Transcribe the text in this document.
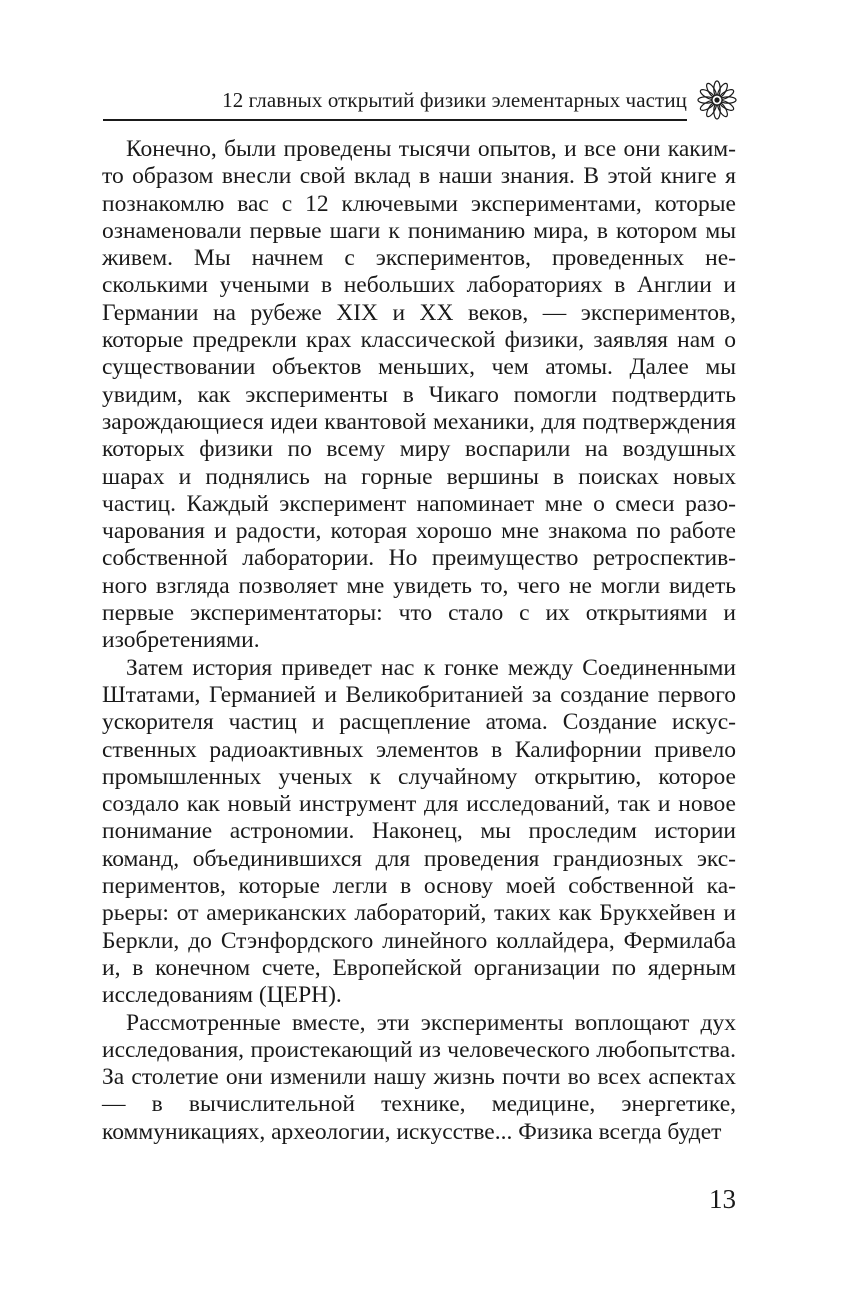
12 главных открытий физики элементарных частиц

Конечно, были проведены тысячи опытов, и все они каким-то образом внесли свой вклад в наши знания. В этой книге я познакомлю вас с 12 ключевыми экспериментами, которые ознаменовали первые шаги к пониманию мира, в котором мы живем. Мы начнем с экспериментов, проведенных несколькими учеными в небольших лабораториях в Англии и Германии на рубеже XIX и XX веков, — экспериментов, которые предрекли крах классической физики, заявляя нам о существовании объектов меньших, чем атомы. Далее мы увидим, как эксперименты в Чикаго помогли подтвердить зарождающиеся идеи квантовой механики, для подтверждения которых физики по всему миру воспарили на воздушных шарах и поднялись на горные вершины в поисках новых частиц. Каждый эксперимент напоминает мне о смеси разочарования и радости, которая хорошо мне знакома по работе собственной лаборатории. Но преимущество ретроспективного взгляда позволяет мне увидеть то, чего не могли видеть первые экспериментаторы: что стало с их открытиями и изобретениями.

Затем история приведет нас к гонке между Соединенными Штатами, Германией и Великобританией за создание первого ускорителя частиц и расщепление атома. Создание искусственных радиоактивных элементов в Калифорнии привело промышленных ученых к случайному открытию, которое создало как новый инструмент для исследований, так и новое понимание астрономии. Наконец, мы проследим истории команд, объединившихся для проведения грандиозных экспериментов, которые легли в основу моей собственной карьеры: от американских лабораторий, таких как Брукхейвен и Беркли, до Стэнфордского линейного коллайдера, Фермилаба и, в конечном счете, Европейской организации по ядерным исследованиям (ЦЕРН).

Рассмотренные вместе, эти эксперименты воплощают дух исследования, проистекающий из человеческого любопытства. За столетие они изменили нашу жизнь почти во всех аспектах — в вычислительной технике, медицине, энергетике, коммуникациях, археологии, искусстве... Физика всегда будет

13
